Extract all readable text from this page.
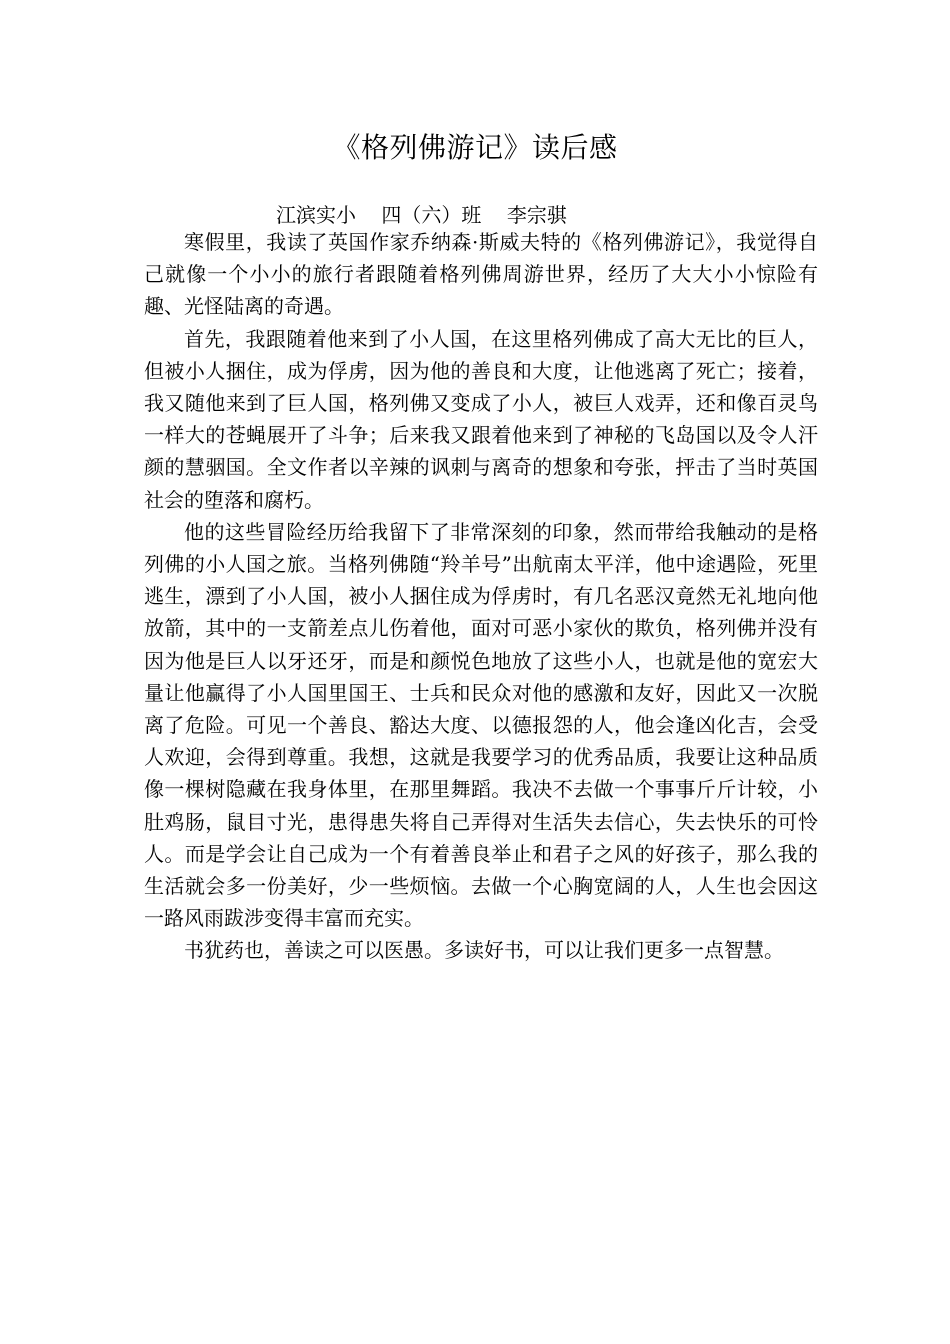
《格列佛游记》读后感
江滨实小    四（六）班    李宗骐

寒假里，我读了英国作家乔纳森·斯威夫特的《格列佛游记》，我觉得自己就像一个小小的旅行者跟随着格列佛周游世界，经历了大大小小惊险有趣、光怪陆离的奇遇。

首先，我跟随着他来到了小人国，在这里格列佛成了高大无比的巨人，但被小人捆住，成为俘虏，因为他的善良和大度，让他逃离了死亡；接着，我又随他来到了巨人国，格列佛又变成了小人，被巨人戏弄，还和像百灵鸟一样大的苍蝇展开了斗争；后来我又跟着他来到了神秘的飞岛国以及令人汗颜的慧骃国。全文作者以辛辣的讽刺与离奇的想象和夸张，抨击了当时英国社会的堕落和腐朽。

他的这些冒险经历给我留下了非常深刻的印象，然而带给我触动的是格列佛的小人国之旅。当格列佛随“羚羊号”出航南太平洋，他中途遇险，死里逃生，漂到了小人国，被小人捆住成为俘虏时，有几名恶汉竟然无礼地向他放箭，其中的一支箭差点儿伤着他，面对可恶小家伙的欺负，格列佛并没有因为他是巨人以牙还牙，而是和颜悦色地放了这些小人，也就是他的宽宏大量让他赢得了小人国里国王、士兵和民众对他的感激和友好，因此又一次脱离了危险。可见一个善良、豁达大度、以德报怨的人，他会逢凶化吉，会受人欢迎，会得到尊重。我想，这就是我要学习的优秀品质，我要让这种品质像一棵树隐藏在我身体里，在那里舞蹈。我决不去做一个事事斤斤计较，小肚鸡肠，鼠目寸光，患得患失将自己弄得对生活失去信心，失去快乐的可怜人。而是学会让自己成为一个有着善良举止和君子之风的好孩子，那么我的生活就会多一份美好，少一些烦恼。去做一个心胸宽阔的人，人生也会因这一路风雨跋涉变得丰富而充实。

书犹药也，善读之可以医愚。多读好书，可以让我们更多一点智慧。
